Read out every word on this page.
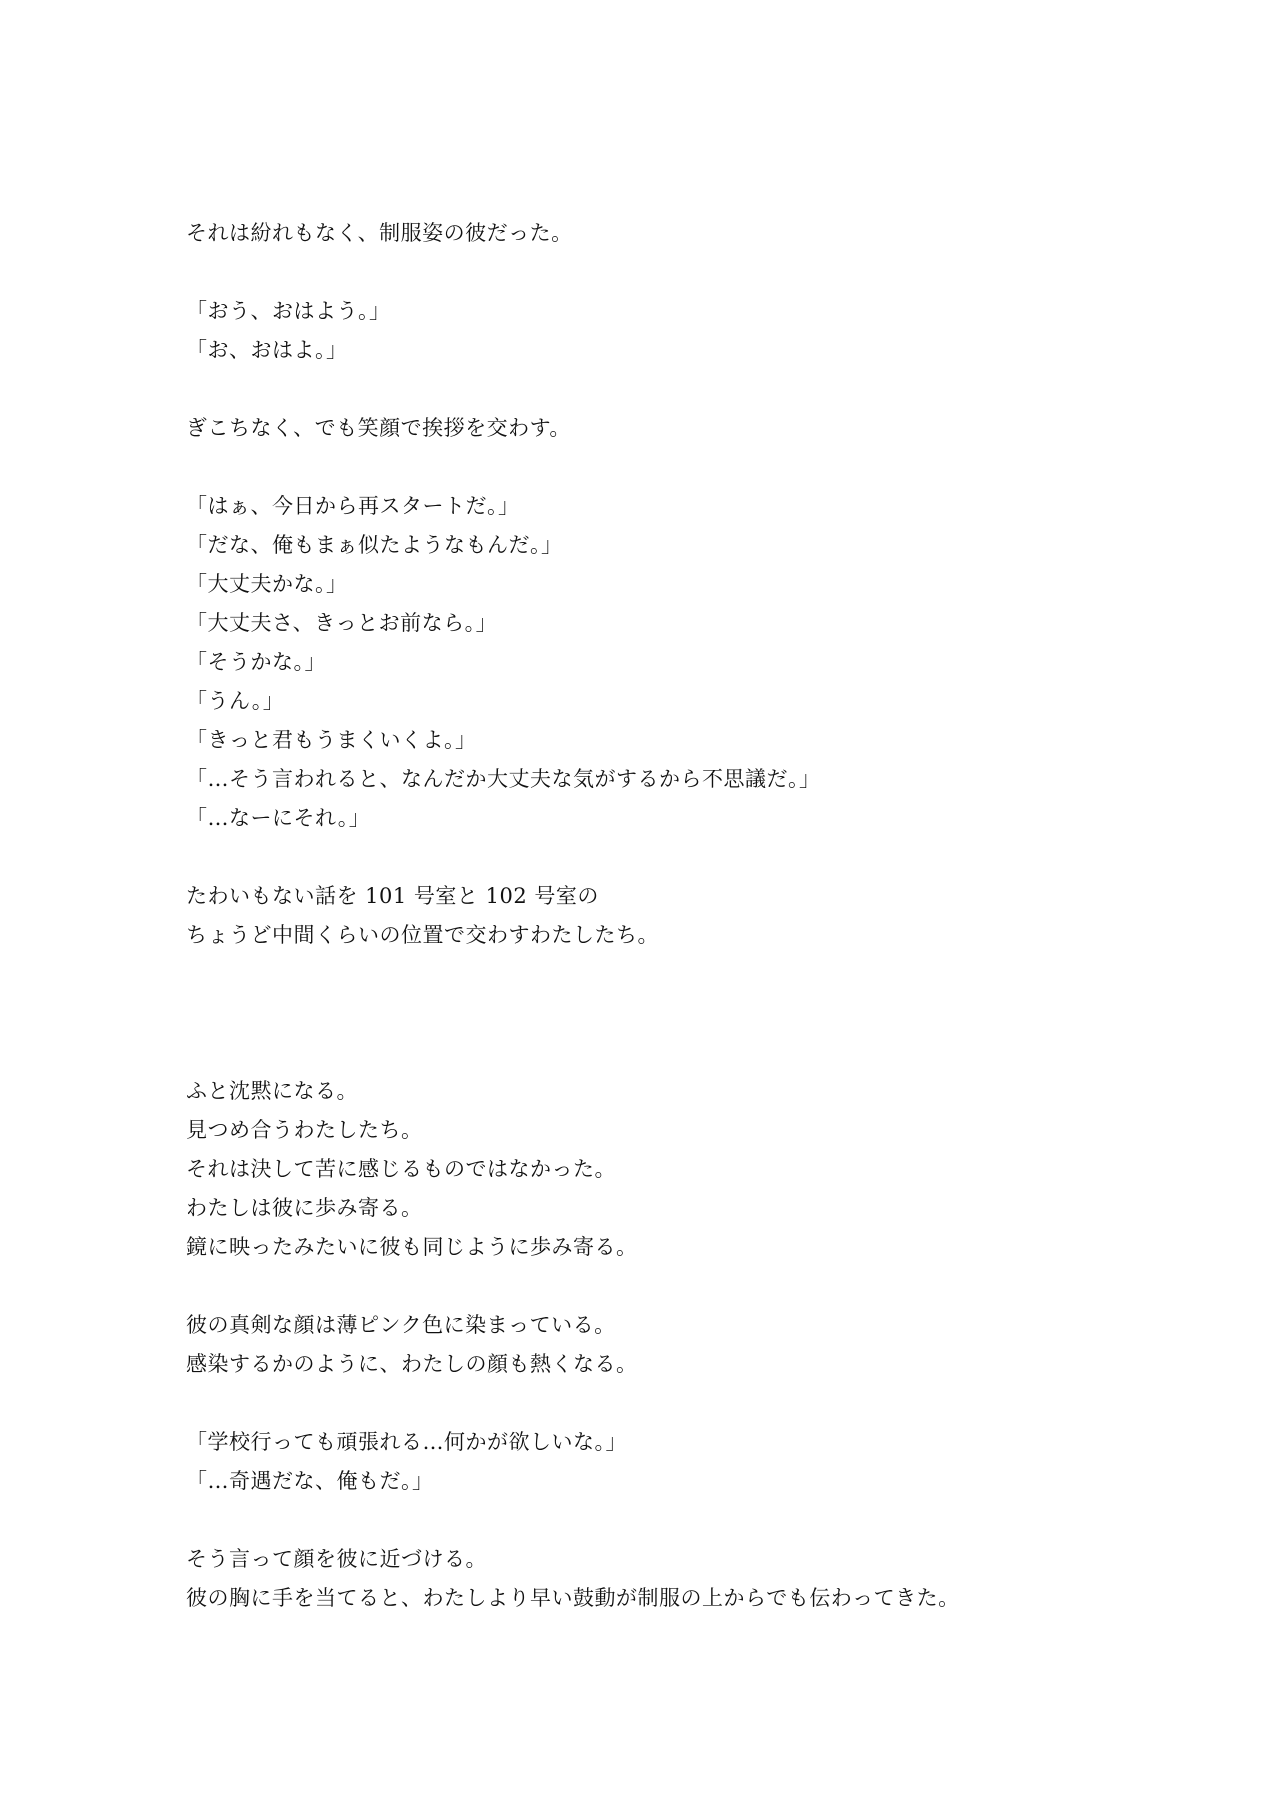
それは紛れもなく、制服姿の彼だった。
「おう、おはよう。」
「お、おはよ。」
ぎこちなく、でも笑顔で挨拶を交わす。
「はぁ、今日から再スタートだ。」
「だな、俺もまぁ似たようなもんだ。」
「大丈夫かな。」
「大丈夫さ、きっとお前なら。」
「そうかな。」
「うん。」
「きっと君もうまくいくよ。」
「…そう言われると、なんだか大丈夫な気がするから不思議だ。」
「…なーにそれ。」
たわいもない話を 101 号室と 102 号室の
ちょうど中間くらいの位置で交わすわたしたち。
ふと沈黙になる。
見つめ合うわたしたち。
それは決して苦に感じるものではなかった。
わたしは彼に歩み寄る。
鏡に映ったみたいに彼も同じように歩み寄る。
彼の真剣な顔は薄ピンク色に染まっている。
感染するかのように、わたしの顔も熱くなる。
「学校行っても頑張れる…何かが欲しいな。」
「…奇遇だな、俺もだ。」
そう言って顔を彼に近づける。
彼の胸に手を当てると、わたしより早い鼓動が制服の上からでも伝わってきた。
